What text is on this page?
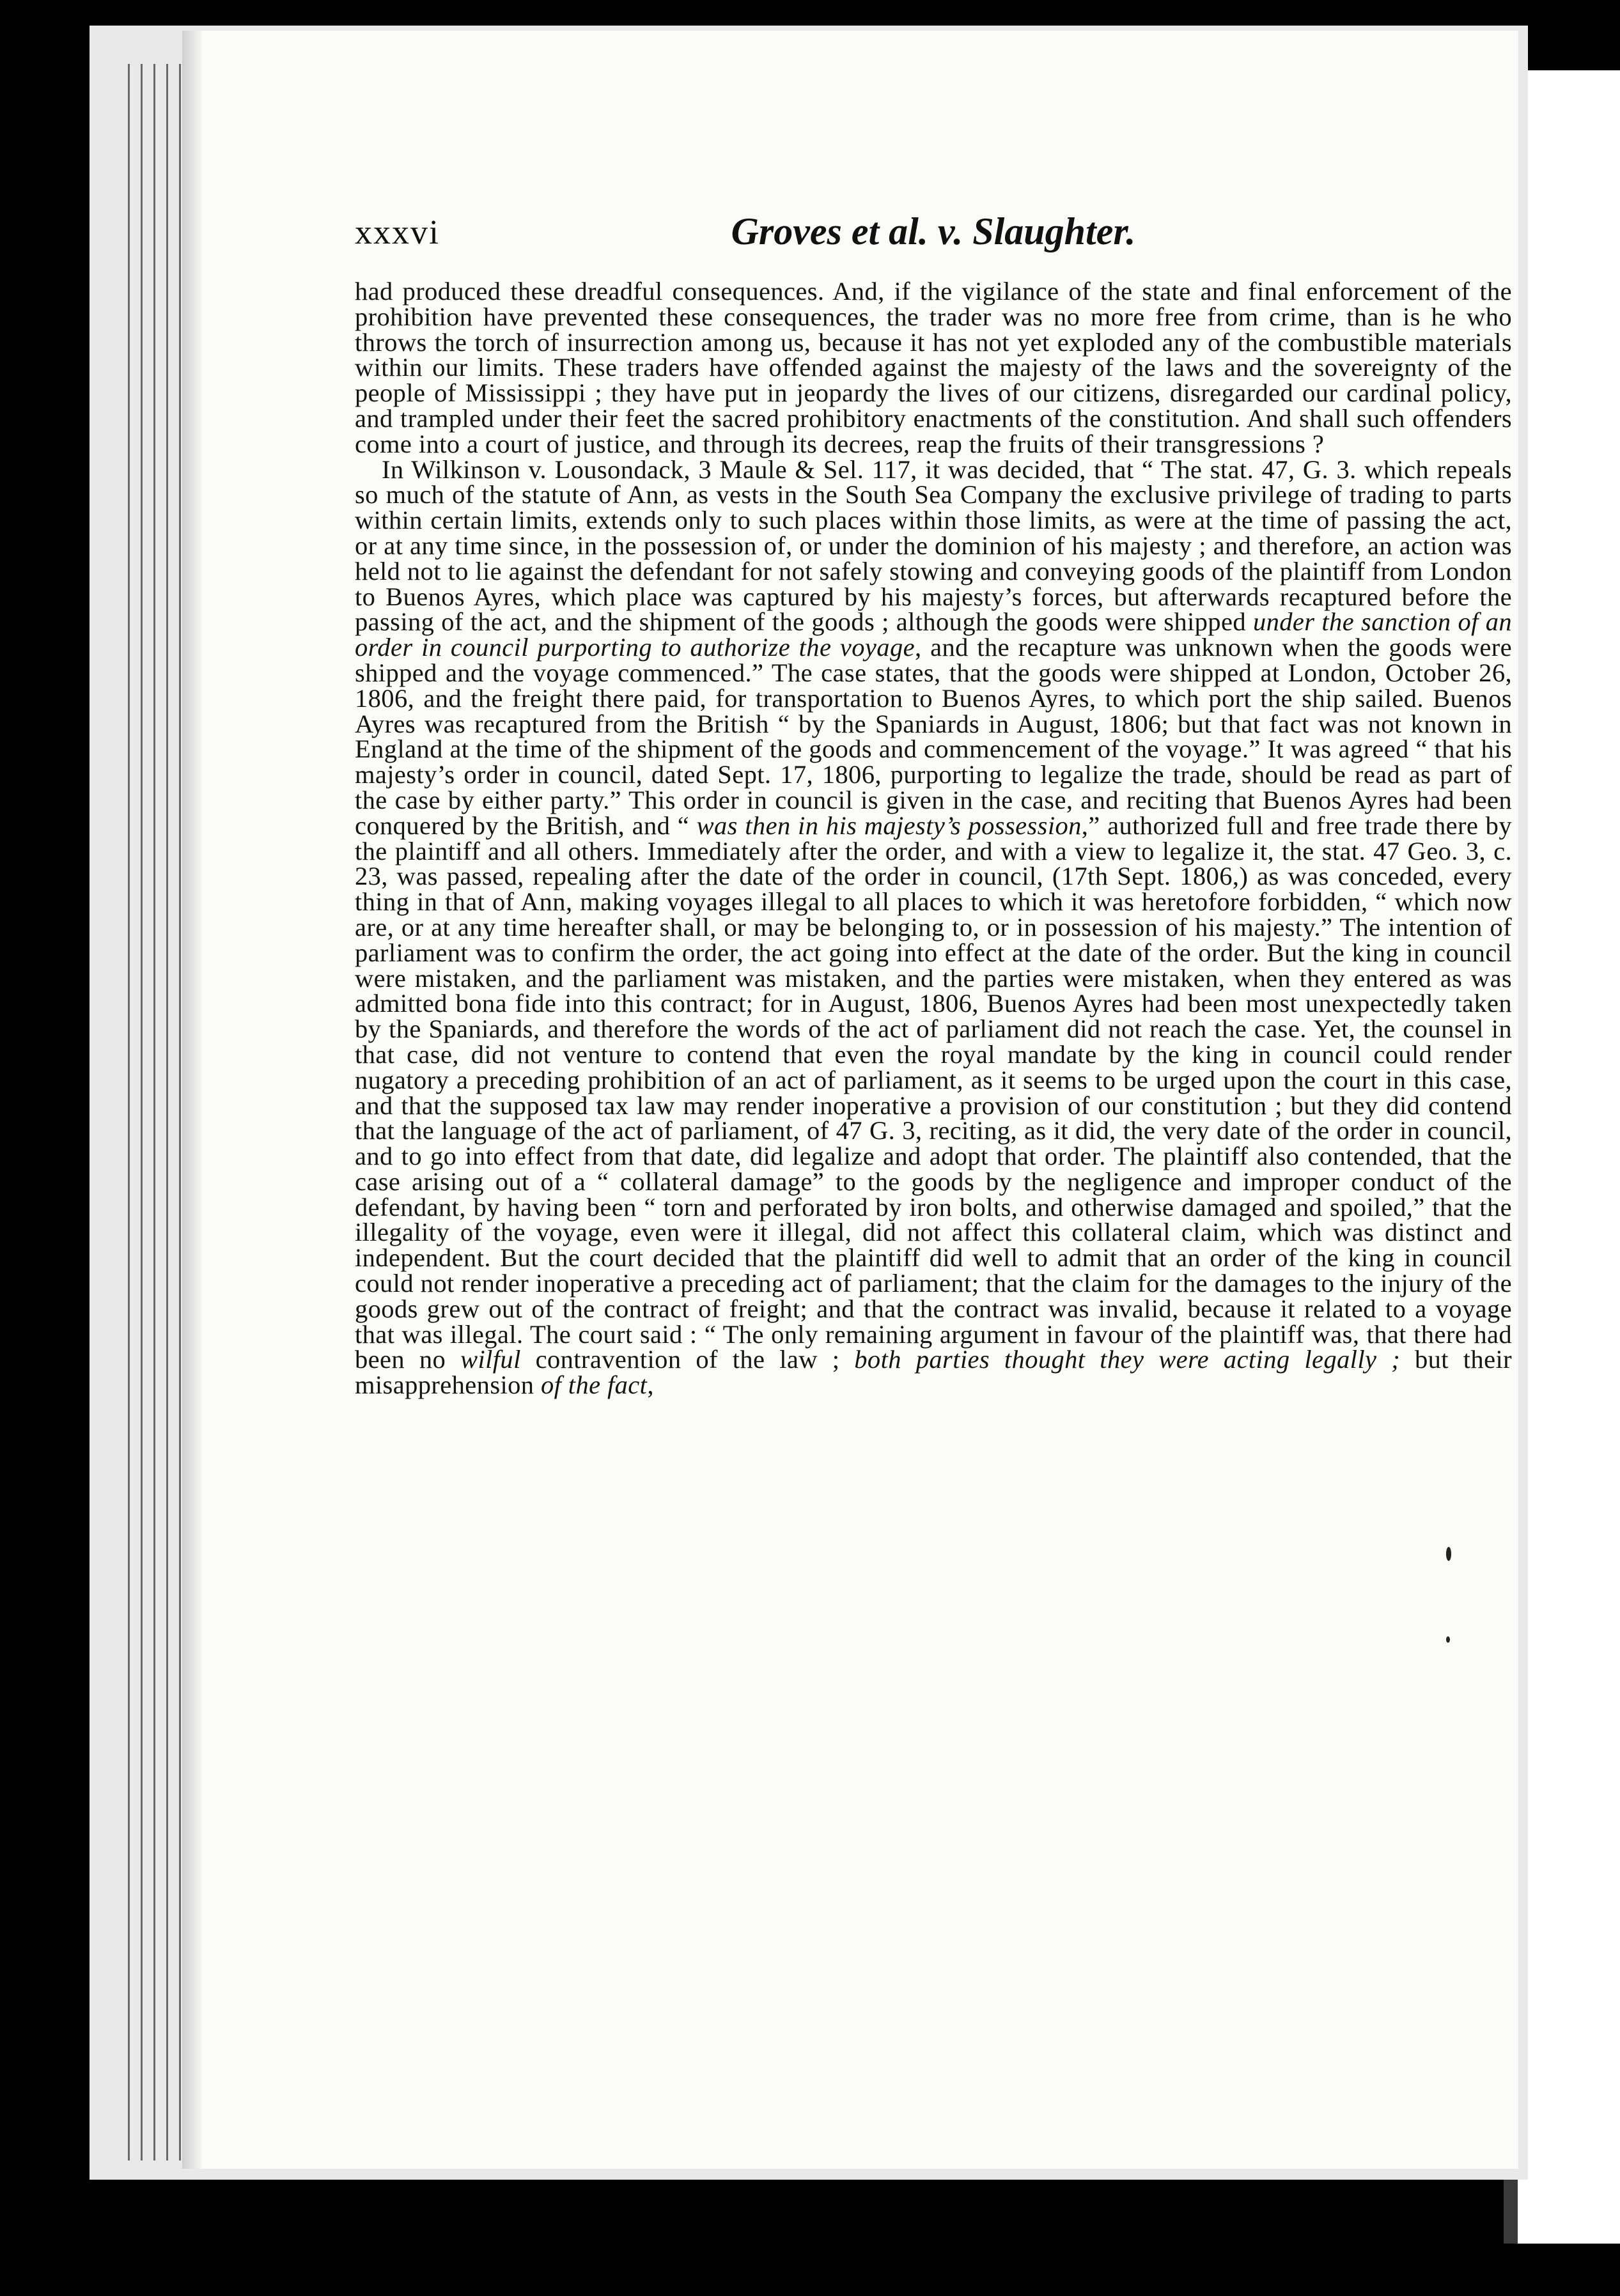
xxxvi	Groves et al. v. Slaughter.

had produced these dreadful consequences. And, if the vigilance of the state and final enforcement of the prohibition have prevented these consequences, the trader was no more free from crime, than is he who throws the torch of insurrection among us, because it has not yet exploded any of the combustible materials within our limits. These traders have offended against the majesty of the laws and the sovereignty of the people of Mississippi ; they have put in jeopardy the lives of our citizens, disregarded our cardinal policy, and trampled under their feet the sacred prohibitory enactments of the constitution. And shall such offenders come into a court of justice, and through its decrees, reap the fruits of their transgressions ?

In Wilkinson v. Lousondack, 3 Maule & Sel. 117, it was decided, that “ The stat. 47, G. 3. which repeals so much of the statute of Ann, as vests in the South Sea Company the exclusive privilege of trading to parts within certain limits, extends only to such places within those limits, as were at the time of passing the act, or at any time since, in the possession of, or under the dominion of his majesty ; and therefore, an action was held not to lie against the defendant for not safely stowing and conveying goods of the plaintiff from London to Buenos Ayres, which place was captured by his majesty’s forces, but afterwards recaptured before the passing of the act, and the shipment of the goods ; although the goods were shipped under the sanction of an order in council purporting to authorize the voyage, and the recapture was unknown when the goods were shipped and the voyage commenced.” The case states, that the goods were shipped at London, October 26, 1806, and the freight there paid, for transportation to Buenos Ayres, to which port the ship sailed. Buenos Ayres was recaptured from the British “ by the Spaniards in August, 1806; but that fact was not known in England at the time of the shipment of the goods and commencement of the voyage.” It was agreed “ that his majesty’s order in council, dated Sept. 17, 1806, purporting to legalize the trade, should be read as part of the case by either party.” This order in council is given in the case, and reciting that Buenos Ayres had been conquered by the British, and “ was then in his majesty’s possession,” authorized full and free trade there by the plaintiff and all others. Immediately after the order, and with a view to legalize it, the stat. 47 Geo. 3, c. 23, was passed, repealing after the date of the order in council, (17th Sept. 1806,) as was conceded, every thing in that of Ann, making voyages illegal to all places to which it was heretofore forbidden, “ which now are, or at any time hereafter shall, or may be belonging to, or in possession of his majesty.” The intention of parliament was to confirm the order, the act going into effect at the date of the order. But the king in council were mistaken, and the parliament was mistaken, and the parties were mistaken, when they entered as was admitted bona fide into this contract; for in August, 1806, Buenos Ayres had been most unexpectedly taken by the Spaniards, and therefore the words of the act of parliament did not reach the case. Yet, the counsel in that case, did not venture to contend that even the royal mandate by the king in council could render nugatory a preceding prohibition of an act of parliament, as it seems to be urged upon the court in this case, and that the supposed tax law may render inoperative a provision of our constitution ; but they did contend that the language of the act of parliament, of 47 G. 3, reciting, as it did, the very date of the order in council, and to go into effect from that date, did legalize and adopt that order. The plaintiff also contended, that the case arising out of a “ collateral damage” to the goods by the negligence and improper conduct of the defendant, by having been “ torn and perforated by iron bolts, and otherwise damaged and spoiled,” that the illegality of the voyage, even were it illegal, did not affect this collateral claim, which was distinct and independent. But the court decided that the plaintiff did well to admit that an order of the king in council could not render inoperative a preceding act of parliament; that the claim for the damages to the injury of the goods grew out of the contract of freight; and that the contract was invalid, because it related to a voyage that was illegal. The court said : “ The only remaining argument in favour of the plaintiff was, that there had been no wilful contravention of the law ; both parties thought they were acting legally ; but their misapprehension of the fact,
